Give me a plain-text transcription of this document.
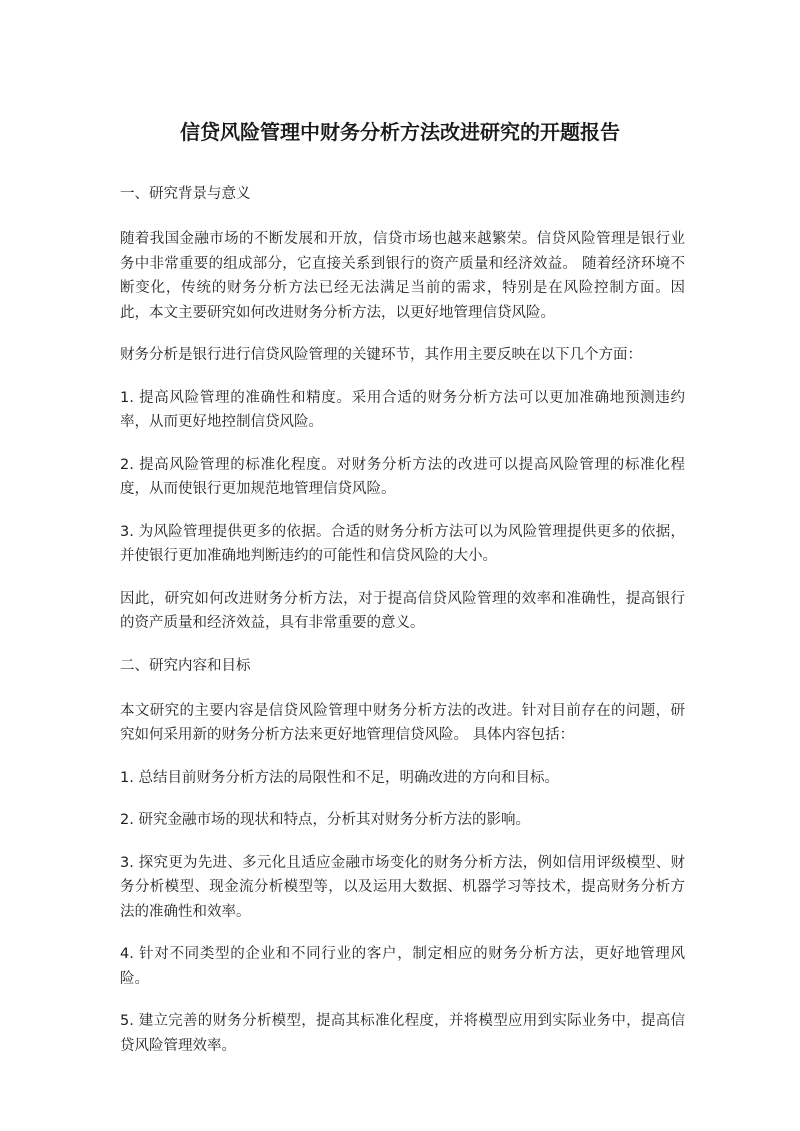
信贷风险管理中财务分析方法改进研究的开题报告

一、研究背景与意义

随着我国金融市场的不断发展和开放，信贷市场也越来越繁荣。信贷风险管理是银行业务中非常重要的组成部分，它直接关系到银行的资产质量和经济效益。 随着经济环境不断变化，传统的财务分析方法已经无法满足当前的需求，特别是在风险控制方面。因此，本文主要研究如何改进财务分析方法，以更好地管理信贷风险。

财务分析是银行进行信贷风险管理的关键环节，其作用主要反映在以下几个方面：

1. 提高风险管理的准确性和精度。采用合适的财务分析方法可以更加准确地预测违约率，从而更好地控制信贷风险。

2. 提高风险管理的标准化程度。对财务分析方法的改进可以提高风险管理的标准化程度，从而使银行更加规范地管理信贷风险。

3. 为风险管理提供更多的依据。合适的财务分析方法可以为风险管理提供更多的依据，并使银行更加准确地判断违约的可能性和信贷风险的大小。

因此，研究如何改进财务分析方法，对于提高信贷风险管理的效率和准确性，提高银行的资产质量和经济效益，具有非常重要的意义。

二、研究内容和目标

本文研究的主要内容是信贷风险管理中财务分析方法的改进。针对目前存在的问题，研究如何采用新的财务分析方法来更好地管理信贷风险。 具体内容包括：

1. 总结目前财务分析方法的局限性和不足，明确改进的方向和目标。

2. 研究金融市场的现状和特点，分析其对财务分析方法的影响。

3. 探究更为先进、多元化且适应金融市场变化的财务分析方法，例如信用评级模型、财务分析模型、现金流分析模型等，以及运用大数据、机器学习等技术，提高财务分析方法的准确性和效率。

4. 针对不同类型的企业和不同行业的客户，制定相应的财务分析方法，更好地管理风险。

5. 建立完善的财务分析模型，提高其标准化程度，并将模型应用到实际业务中，提高信贷风险管理效率。
